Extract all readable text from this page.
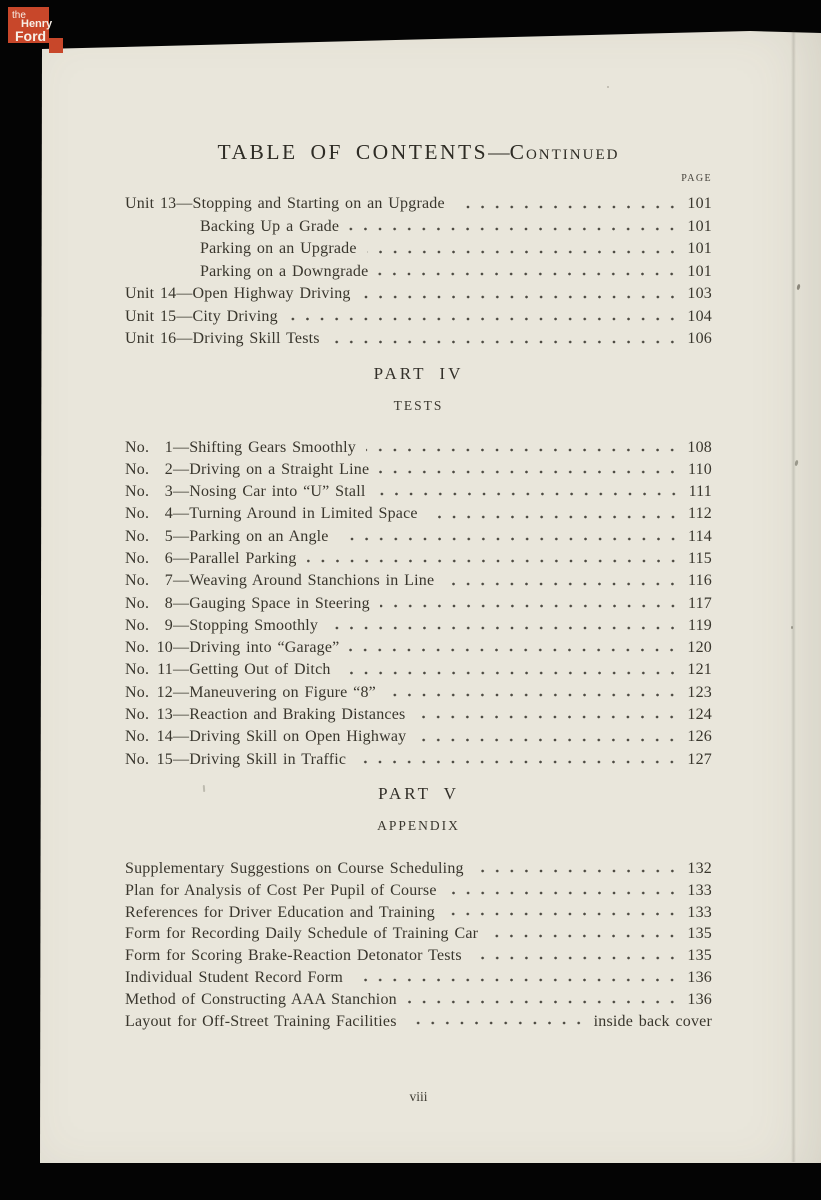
the
Henry
Ford
TABLE OF CONTENTS—Continued
PAGE
Unit 13—Stopping and Starting on an Upgrade	101
Backing Up a Grade	101
Parking on an Upgrade	101
Parking on a Downgrade	101
Unit 14—Open Highway Driving	103
Unit 15—City Driving	104
Unit 16—Driving Skill Tests	106
PART IV
TESTS
No. 1—Shifting Gears Smoothly	108
No. 2—Driving on a Straight Line	110
No. 3—Nosing Car into “U” Stall	111
No. 4—Turning Around in Limited Space	112
No. 5—Parking on an Angle	114
No. 6—Parallel Parking	115
No. 7—Weaving Around Stanchions in Line	116
No. 8—Gauging Space in Steering	117
No. 9—Stopping Smoothly	119
No. 10—Driving into “Garage”	120
No. 11—Getting Out of Ditch	121
No. 12—Maneuvering on Figure “8”	123
No. 13—Reaction and Braking Distances	124
No. 14—Driving Skill on Open Highway	126
No. 15—Driving Skill in Traffic	127
PART V
APPENDIX
Supplementary Suggestions on Course Scheduling	132
Plan for Analysis of Cost Per Pupil of Course	133
References for Driver Education and Training	133
Form for Recording Daily Schedule of Training Car	135
Form for Scoring Brake-Reaction Detonator Tests	135
Individual Student Record Form	136
Method of Constructing AAA Stanchion	136
Layout for Off-Street Training Facilities	inside back cover
viii
